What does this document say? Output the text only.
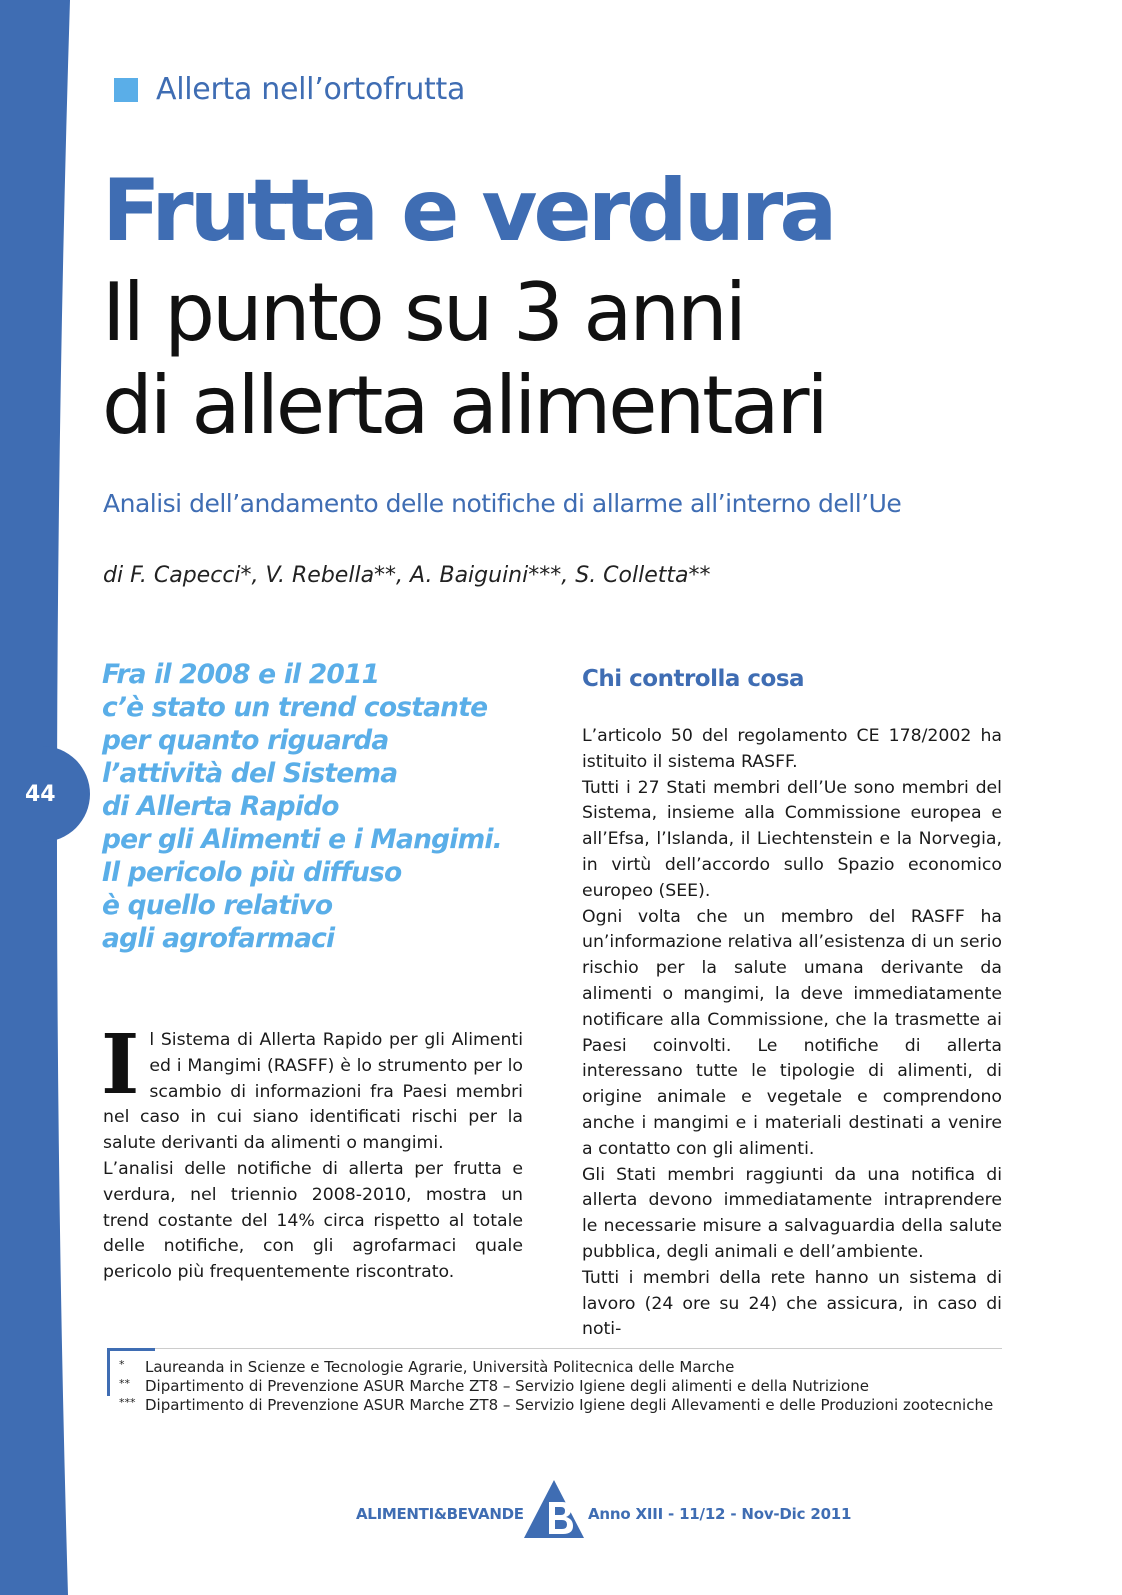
44
Allerta nell’ortofrutta
Frutta e verdura
Il punto su 3 anni
di allerta alimentari
Analisi dell’andamento delle notifiche di allarme all’interno dell’Ue
di F. Capecci*, V. Rebella**, A. Baiguini***, S. Colletta**
Fra il 2008 e il 2011
c’è stato un trend costante
per quanto riguarda
l’attività del Sistema
di Allerta Rapido
per gli Alimenti e i Mangimi.
Il pericolo più diffuso
è quello relativo
agli agrofarmaci

I l Sistema di Allerta Rapido per gli Alimenti ed i Mangimi (RASFF) è lo strumento per lo scambio di informazioni fra Paesi membri nel caso in cui siano identificati rischi per la salute derivanti da alimenti o mangimi.

L’analisi delle notifiche di allerta per frutta e verdura, nel triennio 2008-2010, mostra un trend costante del 14% circa rispetto al totale delle notifiche, con gli agrofarmaci quale pericolo più frequentemente riscontrato.

Chi controlla cosa

L’articolo 50 del regolamento CE 178/2002 ha istituito il sistema RASFF.

Tutti i 27 Stati membri dell’Ue sono membri del Sistema, insieme alla Commissione europea e all’Efsa, l’Islanda, il Liechtenstein e la Norvegia, in virtù dell’accordo sullo Spazio economico europeo (SEE).

Ogni volta che un membro del RASFF ha un’informazione relativa all’esistenza di un serio rischio per la salute umana derivante da alimenti o mangimi, la deve immediatamente notificare alla Commissione, che la trasmette ai Paesi coinvolti. Le notifiche di allerta interessano tutte le tipologie di alimenti, di origine animale e vegetale e comprendono anche i mangimi e i materiali destinati a venire a contatto con gli alimenti.

Gli Stati membri raggiunti da una notifica di allerta devono immediatamente intraprendere le necessarie misure a salvaguardia della salute pubblica, degli animali e dell’ambiente.

Tutti i membri della rete hanno un sistema di lavoro (24 ore su 24) che assicura, in caso di noti-

*	Laureanda in Scienze e Tecnologie Agrarie, Università Politecnica delle Marche
**	Dipartimento di Prevenzione ASUR Marche ZT8 – Servizio Igiene degli alimenti e della Nutrizione
*** Dipartimento di Prevenzione ASUR Marche ZT8 – Servizio Igiene degli Allevamenti e delle Produzioni zootecniche
ALIMENTI&BEVANDE	Anno XIII - 11/12 - Nov-Dic 2011
